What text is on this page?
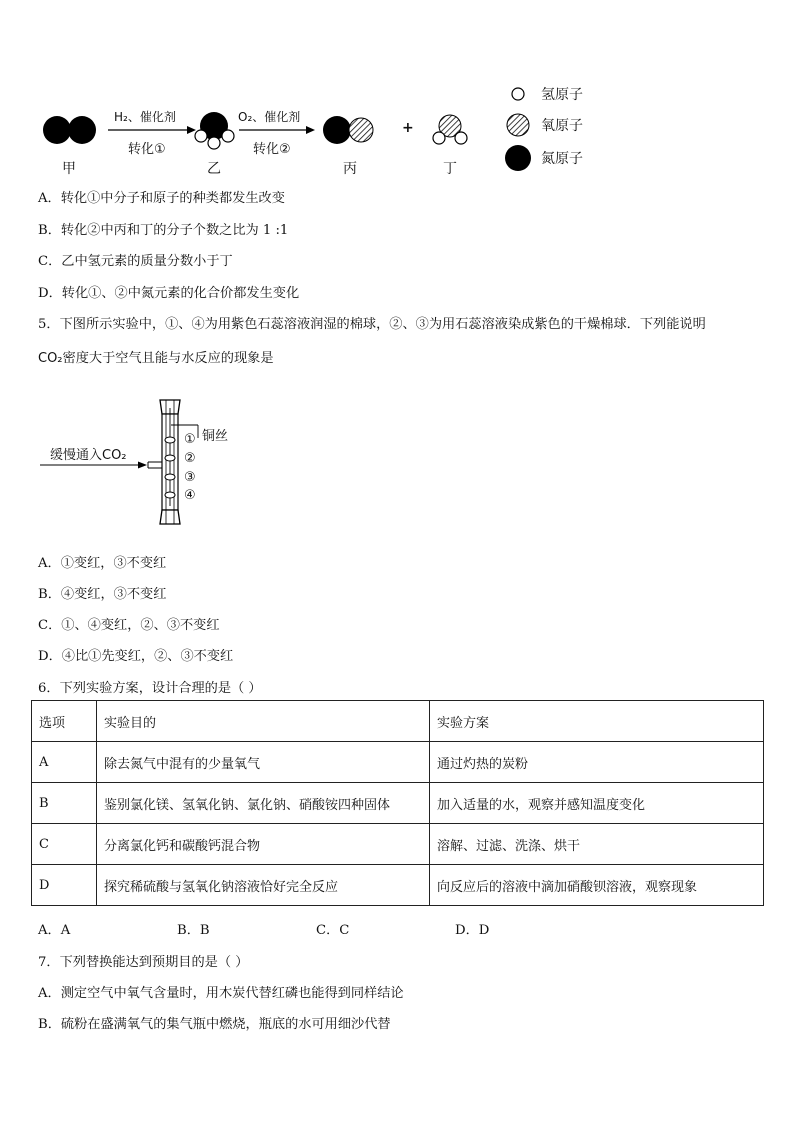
H₂、催化剂
转化①
O₂、催化剂
转化②
+
甲	乙	丙	丁
氢原子
氧原子
氮原子
A．转化①中分子和原子的种类都发生改变
B．转化②中丙和丁的分子个数之比为 1 :1
C．乙中氢元素的质量分数小于丁
D．转化①、②中氮元素的化合价都发生变化
5．下图所示实验中，①、④为用紫色石蕊溶液润湿的棉球，②、③为用石蕊溶液染成紫色的干燥棉球．下列能说明
CO₂密度大于空气且能与水反应的现象是
缓慢通入CO₂
铜丝
①
②
③
④
A．①变红，③不变红
B．④变红，③不变红
C．①、④变红，②、③不变红
D．④比①先变红，②、③不变红
6．下列实验方案，设计合理的是（ ）
选项	实验目的	实验方案
A	除去氮气中混有的少量氧气	通过灼热的炭粉
B	鉴别氯化镁、氢氧化钠、氯化钠、硝酸铵四种固体	加入适量的水，观察并感知温度变化
C	分离氯化钙和碳酸钙混合物	溶解、过滤、洗涤、烘干
D	探究稀硫酸与氢氧化钠溶液恰好完全反应	向反应后的溶液中滴加硝酸钡溶液，观察现象
A．A	B．B	C．C	D．D
7．下列替换能达到预期目的是（ ）
A．测定空气中氧气含量时，用木炭代替红磷也能得到同样结论
B．硫粉在盛满氧气的集气瓶中燃烧，瓶底的水可用细沙代替
